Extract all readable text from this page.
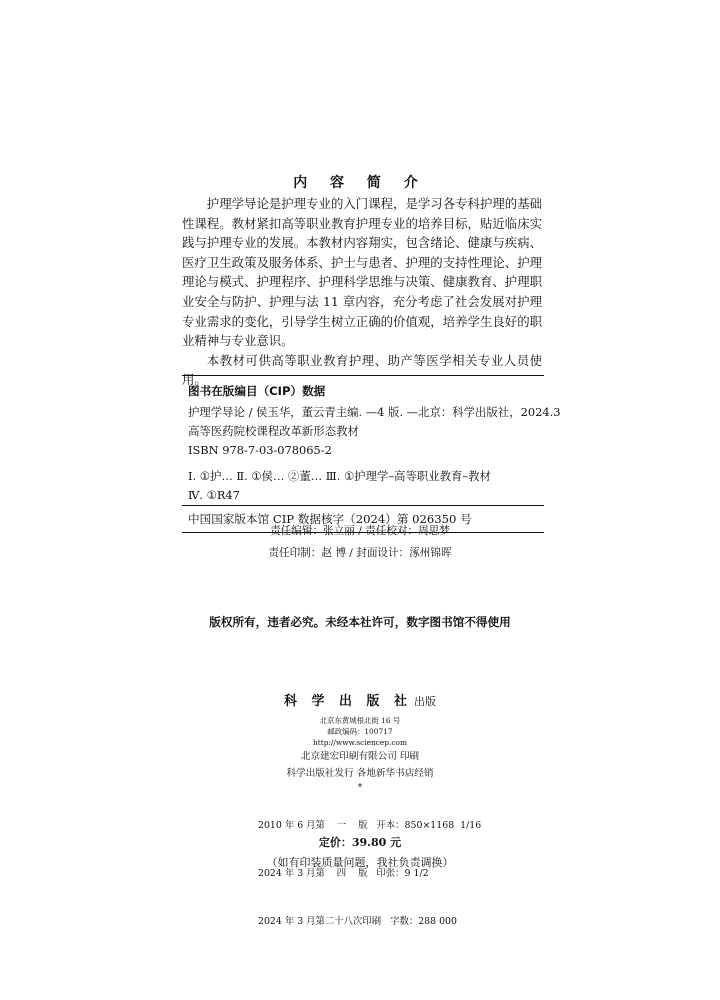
内 容 简 介

护理学导论是护理专业的入门课程，是学习各专科护理的基础性课程。教材紧扣高等职业教育护理专业的培养目标，贴近临床实践与护理专业的发展。本教材内容翔实，包含绪论、健康与疾病、医疗卫生政策及服务体系、护士与患者、护理的支持性理论、护理理论与模式、护理程序、护理科学思维与决策、健康教育、护理职业安全与防护、护理与法 11 章内容，充分考虑了社会发展对护理专业需求的变化，引导学生树立正确的价值观，培养学生良好的职业精神与专业意识。

本教材可供高等职业教育护理、助产等医学相关专业人员使用。

图书在版编目（CIP）数据
护理学导论 / 侯玉华，董云青主编. —4 版. —北京：科学出版社，2024.3
高等医药院校课程改革新形态教材
ISBN 978-7-03-078065-2
Ⅰ. ①护… Ⅱ. ①侯… ②董… Ⅲ. ①护理学–高等职业教育–教材
Ⅳ. ①R47
中国国家版本馆 CIP 数据核字（2024）第 026350 号
责任编辑：张立丽 / 责任校对：周思梦
责任印制：赵 博 / 封面设计：涿州锦晖
版权所有，违者必究。未经本社许可，数字图书馆不得使用
科 学 出 版 社 出版
北京东黄城根北街 16 号
邮政编码：100717
http://www.sciencep.com
北京建宏印刷有限公司 印刷
科学出版社发行 各地新华书店经销
*

2010 年 6 月第    一    版   开本：850×1168  1/16

2024 年 3 月第    四    版   印张：9 1/2

2024 年 3 月第二十八次印刷   字数：288 000

定价：39.80 元
（如有印装质量问题，我社负责调换）
